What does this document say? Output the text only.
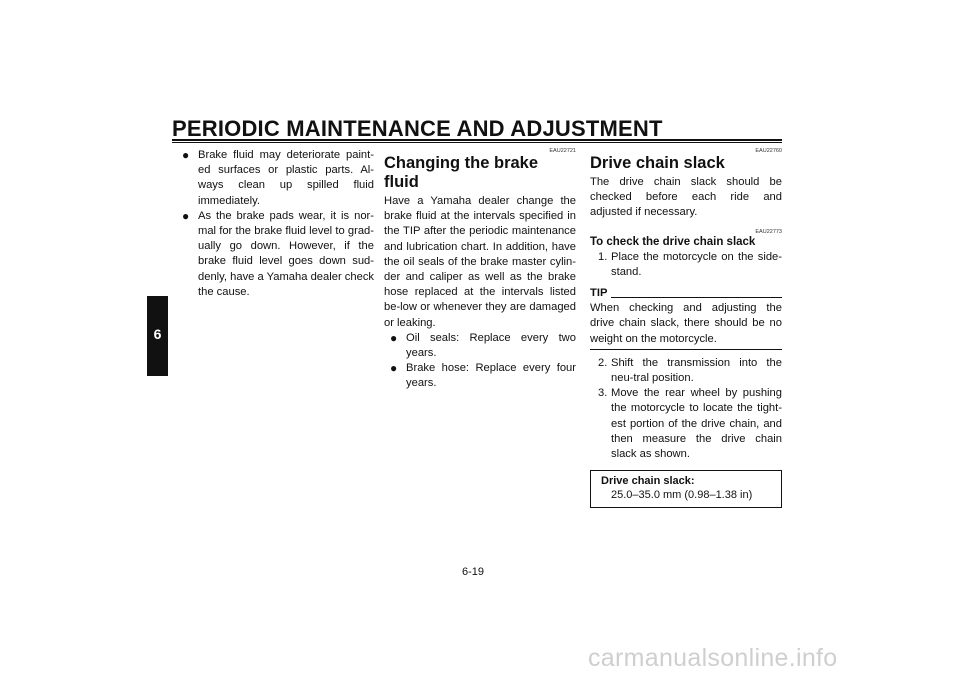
PERIODIC MAINTENANCE AND ADJUSTMENT
6
● Brake fluid may deteriorate paint-ed surfaces or plastic parts. Al-ways clean up spilled fluid immediately.
● As the brake pads wear, it is nor-mal for the brake fluid level to grad-ually go down. However, if the brake fluid level goes down sud-denly, have a Yamaha dealer check the cause.

EAU22721

Changing the brake fluid

Have a Yamaha dealer change the brake fluid at the intervals specified in the TIP after the periodic maintenance and lubrication chart. In addition, have the oil seals of the brake master cylin-der and caliper as well as the brake hose replaced at the intervals listed be-low or whenever they are damaged or leaking.

● Oil seals: Replace every two years.
● Brake hose: Replace every four years.

EAU22760

Drive chain slack

The drive chain slack should be checked before each ride and adjusted if necessary.

EAU22773

To check the drive chain slack
1. Place the motorcycle on the side-stand.
TIP

When checking and adjusting the drive chain slack, there should be no weight on the motorcycle.

2. Shift the transmission into the neu-tral position.
3. Move the rear wheel by pushing the motorcycle to locate the tight-est portion of the drive chain, and then measure the drive chain slack as shown.

Drive chain slack:

25.0–35.0 mm (0.98–1.38 in)

6-19
carmanualsonline.info
